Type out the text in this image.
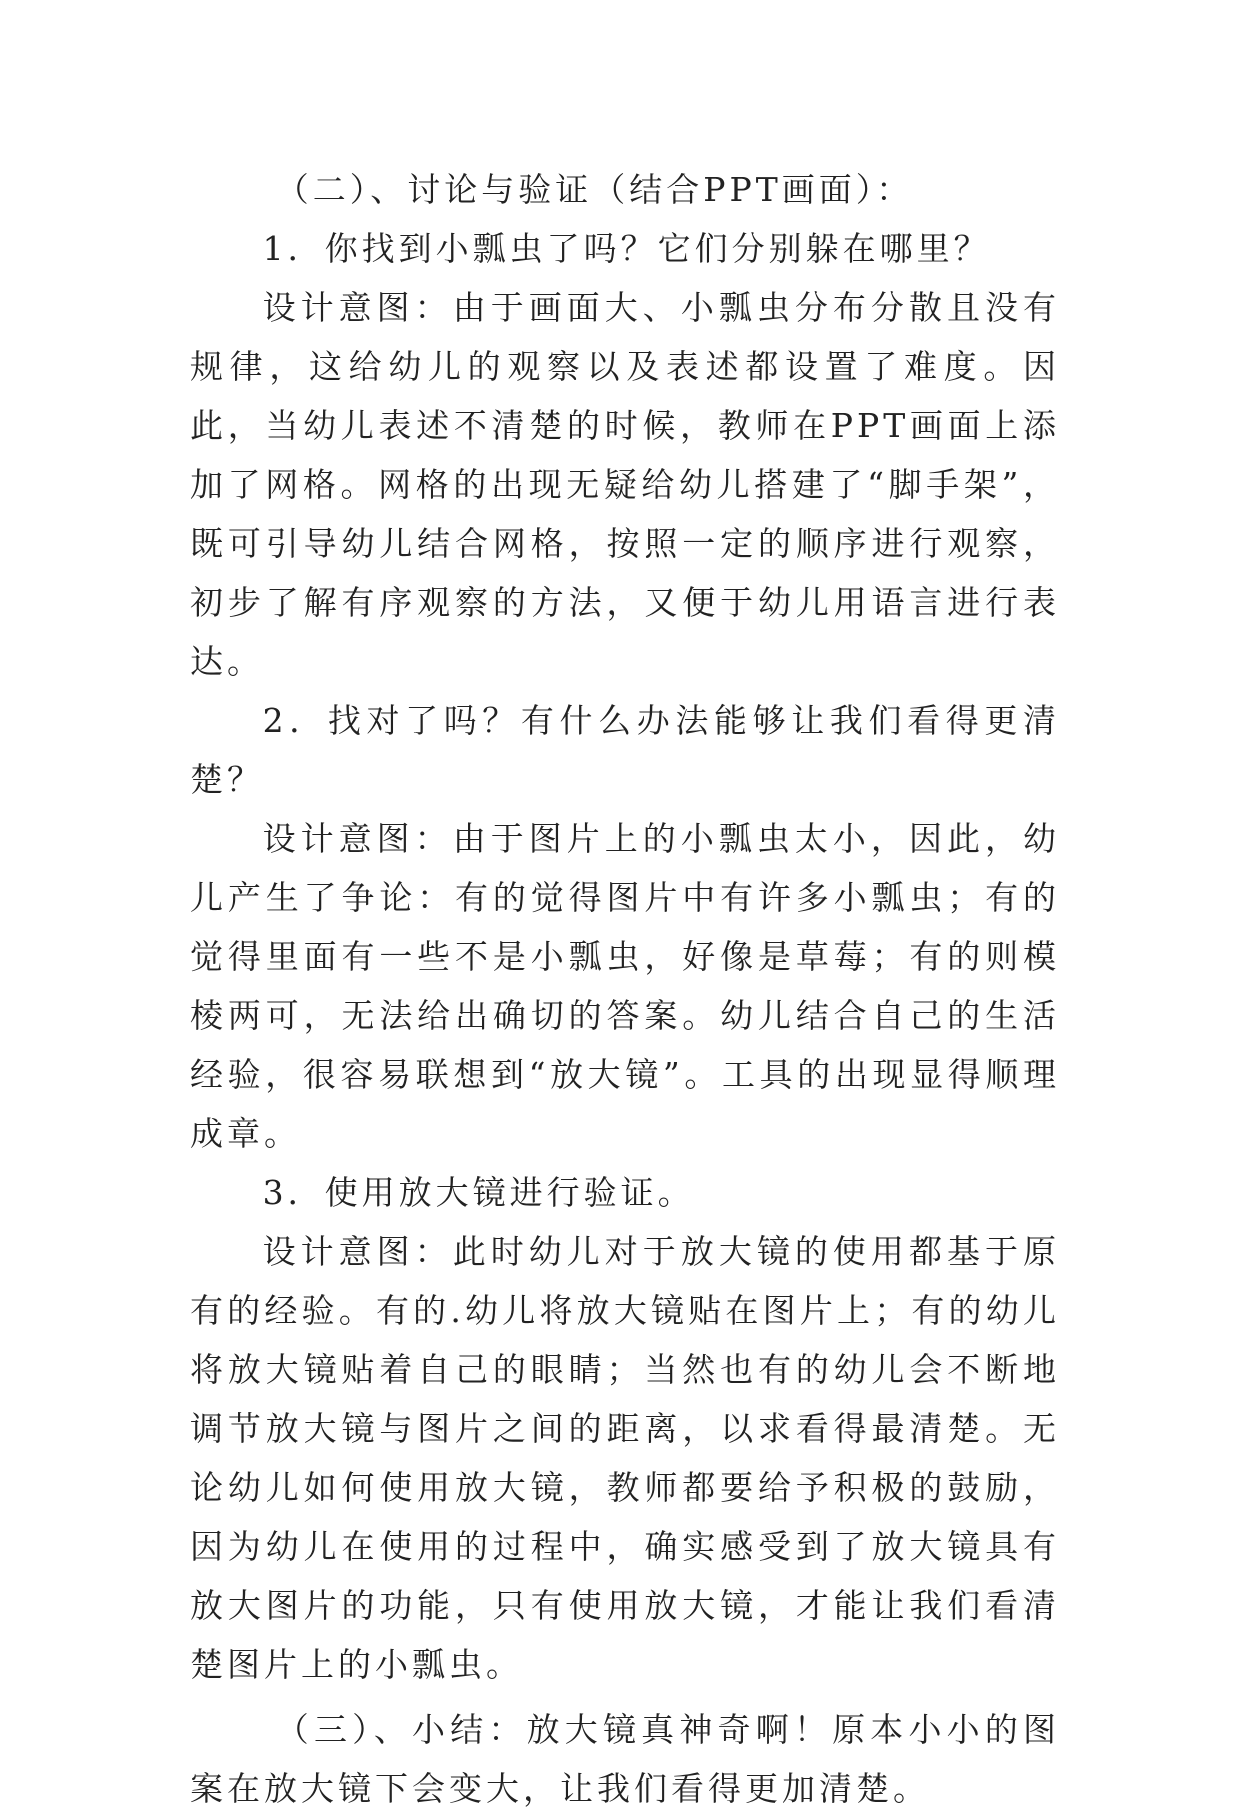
（二）、讨论与验证（结合PPT画面）：

1．你找到小瓢虫了吗？它们分别躲在哪里？

设计意图：由于画面大、小瓢虫分布分散且没有规律，这给幼儿的观察以及表述都设置了难度。因此，当幼儿表述不清楚的时候，教师在PPT画面上添加了网格。网格的出现无疑给幼儿搭建了“脚手架”，既可引导幼儿结合网格，按照一定的顺序进行观察，初步了解有序观察的方法，又便于幼儿用语言进行表达。

2．找对了吗？有什么办法能够让我们看得更清楚？

设计意图：由于图片上的小瓢虫太小，因此，幼儿产生了争论：有的觉得图片中有许多小瓢虫；有的觉得里面有一些不是小瓢虫，好像是草莓；有的则模棱两可，无法给出确切的答案。幼儿结合自己的生活经验，很容易联想到“放大镜”。工具的出现显得顺理成章。

3．使用放大镜进行验证。

设计意图：此时幼儿对于放大镜的使用都基于原有的经验。有的.幼儿将放大镜贴在图片上；有的幼儿将放大镜贴着自己的眼睛；当然也有的幼儿会不断地调节放大镜与图片之间的距离，以求看得最清楚。无论幼儿如何使用放大镜，教师都要给予积极的鼓励，因为幼儿在使用的过程中，确实感受到了放大镜具有放大图片的功能，只有使用放大镜，才能让我们看清楚图片上的小瓢虫。

（三）、小结：放大镜真神奇啊！原本小小的图案在放大镜下会变大，让我们看得更加清楚。
